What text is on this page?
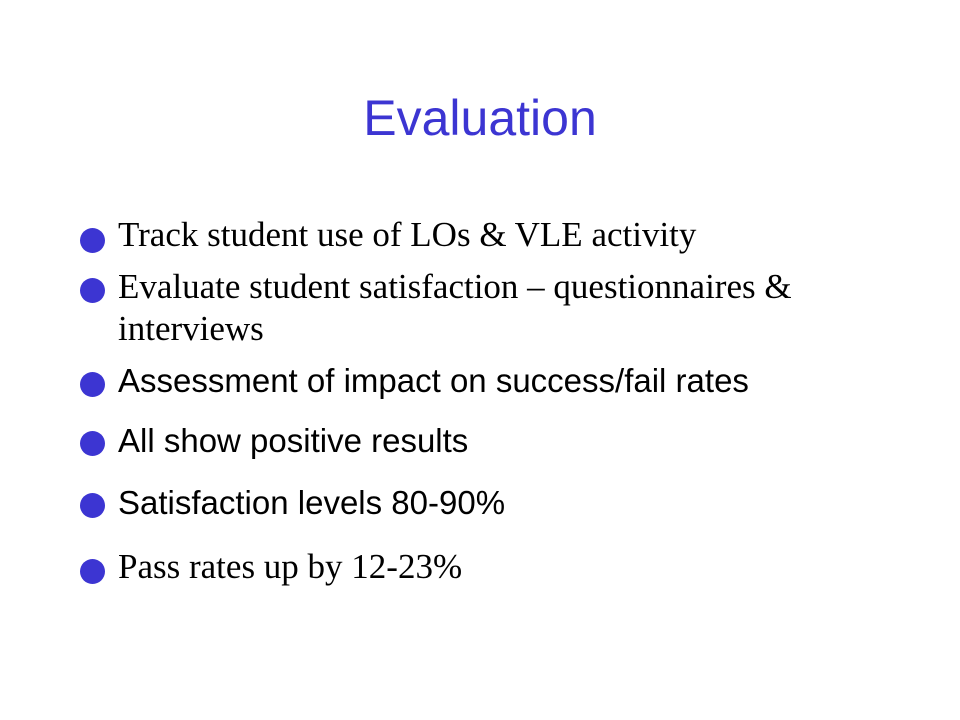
Evaluation
Track student use of LOs & VLE activity
Evaluate student satisfaction – questionnaires & interviews
Assessment of impact on success/fail rates
All show positive results
Satisfaction levels 80-90%
Pass rates up by 12-23%
